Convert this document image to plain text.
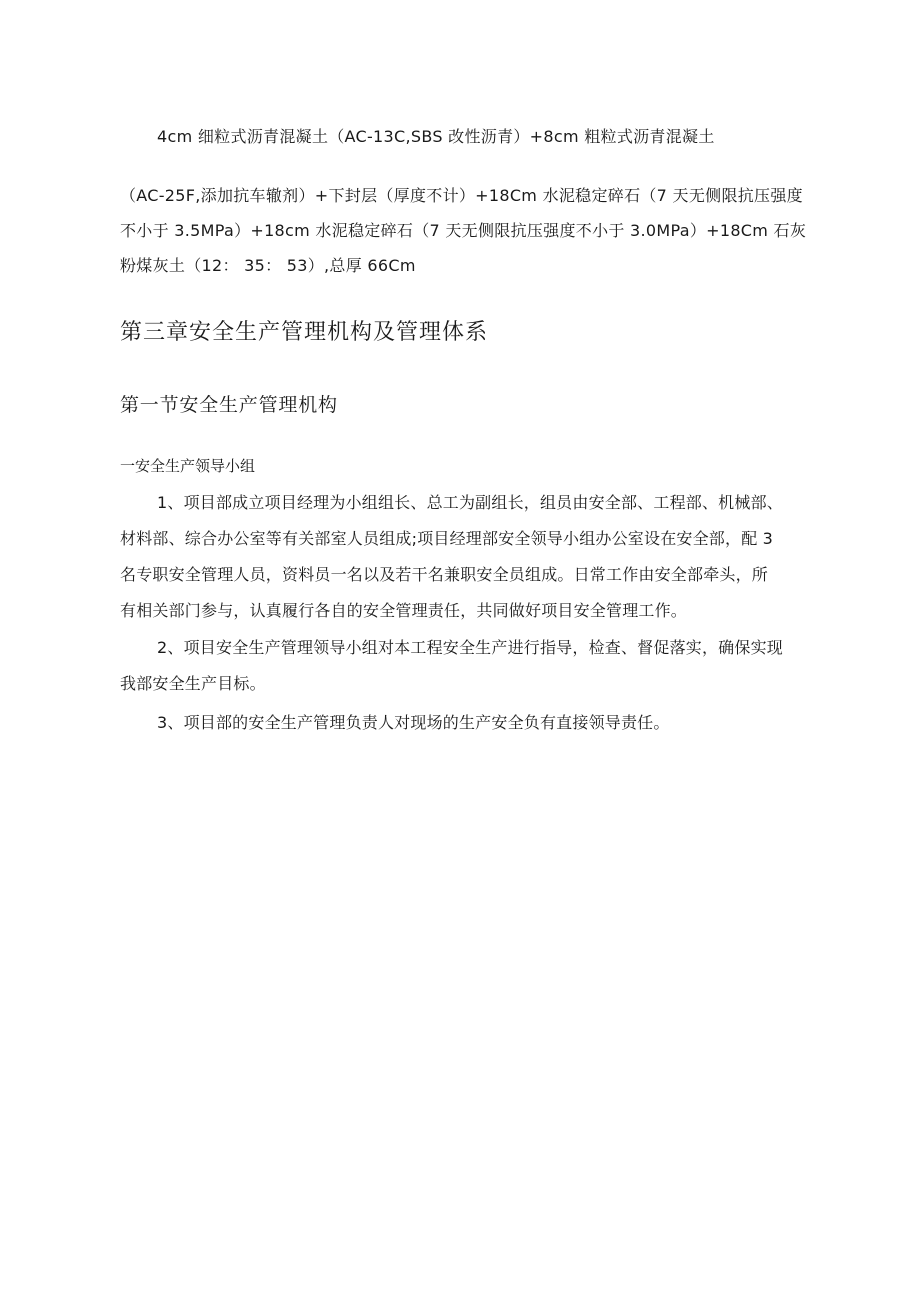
4cm 细粒式沥青混凝土（AC-13C,SBS 改性沥青）+8cm 粗粒式沥青混凝土

（AC-25F,添加抗车辙剂）+下封层（厚度不计）+18Cm 水泥稳定碎石（7 天无侧限抗压强度
不小于 3.5MPa）+18cm 水泥稳定碎石（7 天无侧限抗压强度不小于 3.0MPa）+18Cm 石灰
粉煤灰土（12： 35： 53）,总厚 66Cm
第三章安全生产管理机构及管理体系
第一节安全生产管理机构

一安全生产领导小组

1、项目部成立项目经理为小组组长、总工为副组长，组员由安全部、工程部、机械部、
材料部、综合办公室等有关部室人员组成;项目经理部安全领导小组办公室设在安全部，配 3
名专职安全管理人员，资料员一名以及若干名兼职安全员组成。日常工作由安全部牵头，所
有相关部门参与，认真履行各自的安全管理责任，共同做好项目安全管理工作。
2、项目安全生产管理领导小组对本工程安全生产进行指导，检查、督促落实，确保实现
我部安全生产目标。
3、项目部的安全生产管理负责人对现场的生产安全负有直接领导责任。
